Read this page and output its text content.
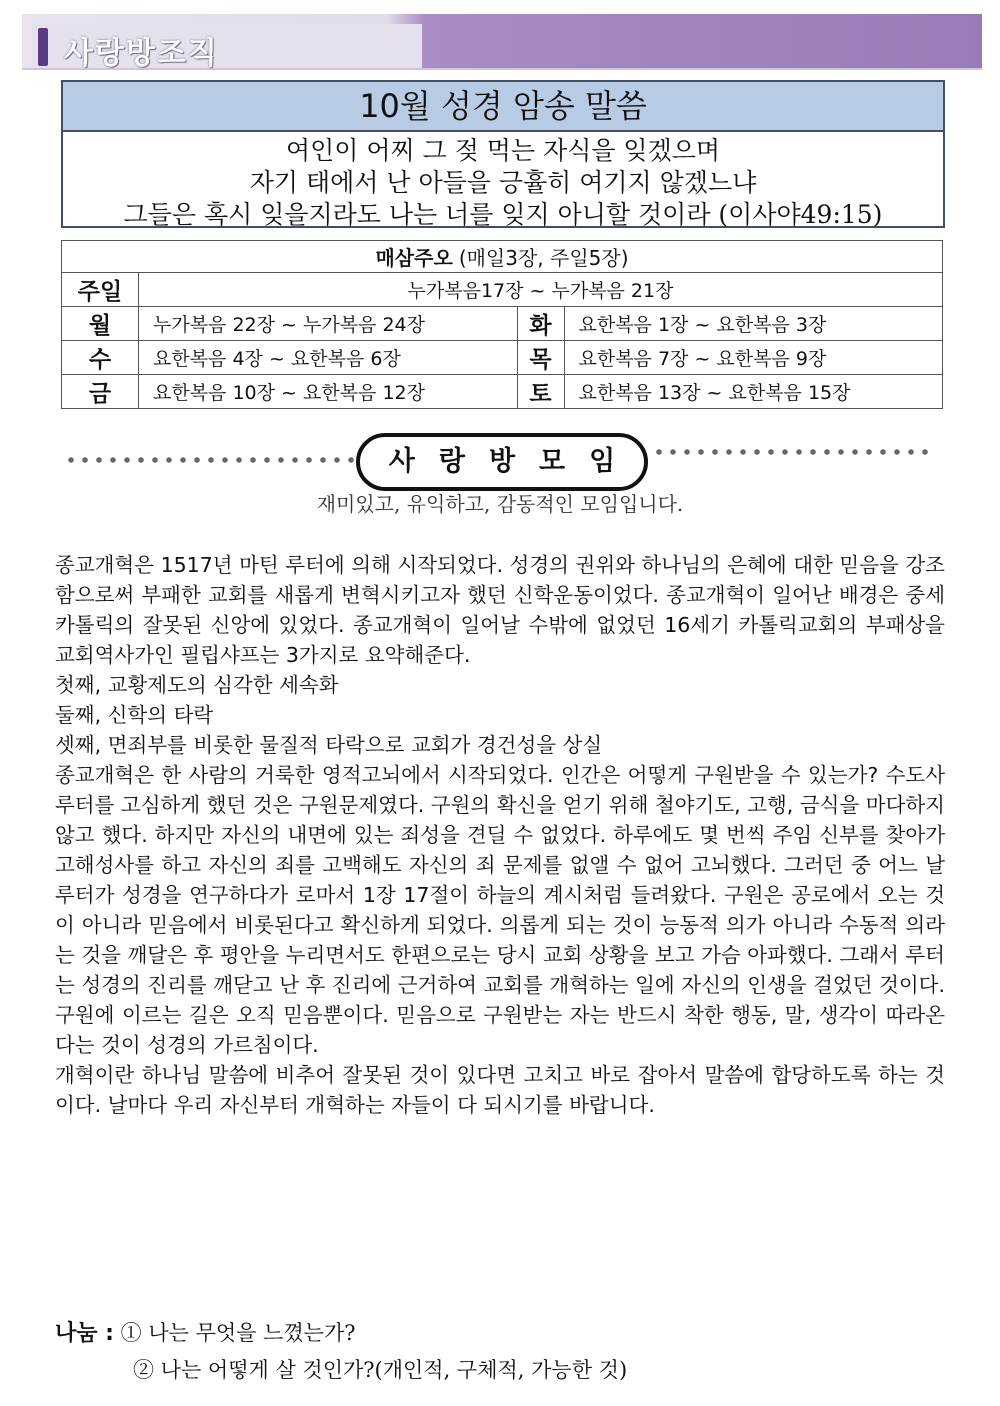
사랑방조직
10월 성경 암송 말씀
여인이 어찌 그 젖 먹는 자식을 잊겠으며
자기 태에서 난 아들을 긍휼히 여기지 않겠느냐
그들은 혹시 잊을지라도 나는 너를 잊지 아니할 것이라 (이사야49:15)
매삼주오 (매일3장, 주일5장)			
주일	누가복음17장 ~ 누가복음 21장		
월	누가복음 22장 ~ 누가복음 24장	화	요한복음 1장 ~ 요한복음 3장
수	요한복음 4장 ~ 요한복음 6장	목	요한복음 7장 ~ 요한복음 9장
금	요한복음 10장 ~ 요한복음 12장	토	요한복음 13장 ~ 요한복음 15장
사랑방모임
재미있고, 유익하고, 감동적인 모임입니다.

종교개혁은 1517년 마틴 루터에 의해 시작되었다. 성경의 권위와 하나님의 은혜에 대한 믿음을 강조함으로써 부패한 교회를 새롭게 변혁시키고자 했던 신학운동이었다. 종교개혁이 일어난 배경은 중세 카톨릭의 잘못된 신앙에 있었다. 종교개혁이 일어날 수밖에 없었던 16세기 카톨릭교회의 부패상을 교회역사가인 필립샤프는 3가지로 요약해준다.

첫째, 교황제도의 심각한 세속화

둘째, 신학의 타락

셋째, 면죄부를 비롯한 물질적 타락으로 교회가 경건성을 상실

종교개혁은 한 사람의 거룩한 영적고뇌에서 시작되었다. 인간은 어떻게 구원받을 수 있는가? 수도사 루터를 고심하게 했던 것은 구원문제였다. 구원의 확신을 얻기 위해 철야기도, 고행, 금식을 마다하지 않고 했다. 하지만 자신의 내면에 있는 죄성을 견딜 수 없었다. 하루에도 몇 번씩 주임 신부를 찾아가 고해성사를 하고 자신의 죄를 고백해도 자신의 죄 문제를 없앨 수 없어 고뇌했다. 그러던 중 어느 날 루터가 성경을 연구하다가 로마서 1장 17절이 하늘의 계시처럼 들려왔다. 구원은 공로에서 오는 것이 아니라 믿음에서 비롯된다고 확신하게 되었다. 의롭게 되는 것이 능동적 의가 아니라 수동적 의라는 것을 깨달은 후 평안을 누리면서도 한편으로는 당시 교회 상황을 보고 가슴 아파했다. 그래서 루터는 성경의 진리를 깨닫고 난 후 진리에 근거하여 교회를 개혁하는 일에 자신의 인생을 걸었던 것이다. 구원에 이르는 길은 오직 믿음뿐이다. 믿음으로 구원받는 자는 반드시 착한 행동, 말, 생각이 따라온다는 것이 성경의 가르침이다.

개혁이란 하나님 말씀에 비추어 잘못된 것이 있다면 고치고 바로 잡아서 말씀에 합당하도록 하는 것이다. 날마다 우리 자신부터 개혁하는 자들이 다 되시기를 바랍니다.

나눔 : ① 나는 무엇을 느꼈는가?
② 나는 어떻게 살 것인가?(개인적, 구체적, 가능한 것)
